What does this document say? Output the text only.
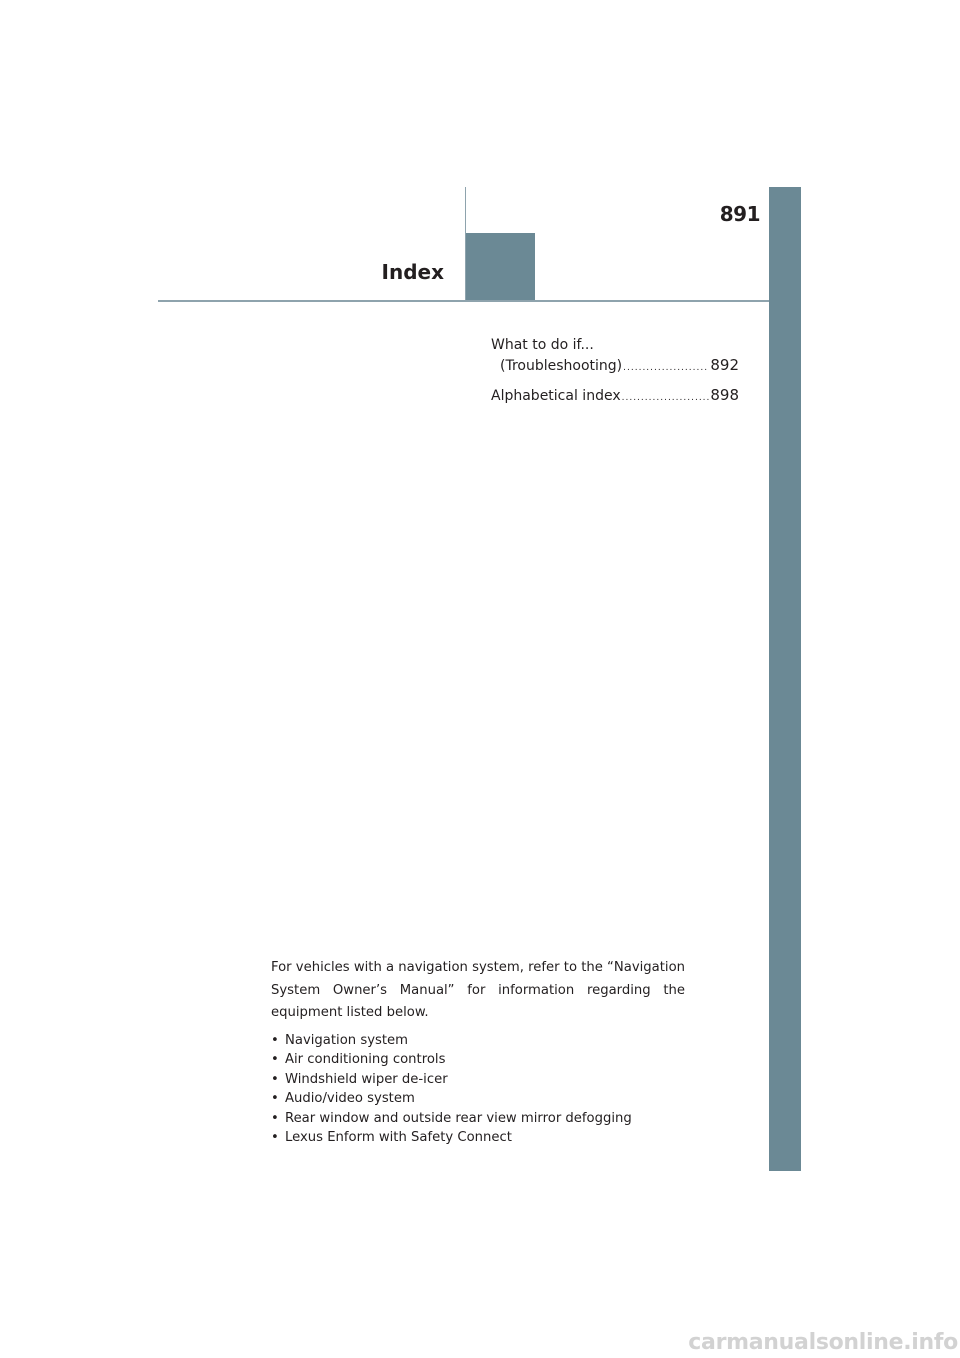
891
Index
What to do if...
(Troubleshooting) .....	892
Alphabetical index .....	898

For vehicles with a navigation system, refer to the “Navigation System Owner’s Manual” for information regarding the equipment listed below.

• Navigation system
• Air conditioning controls
• Windshield wiper de-icer
• Audio/video system
• Rear window and outside rear view mirror defogging
• Lexus Enform with Safety Connect
carmanualsonline.info
